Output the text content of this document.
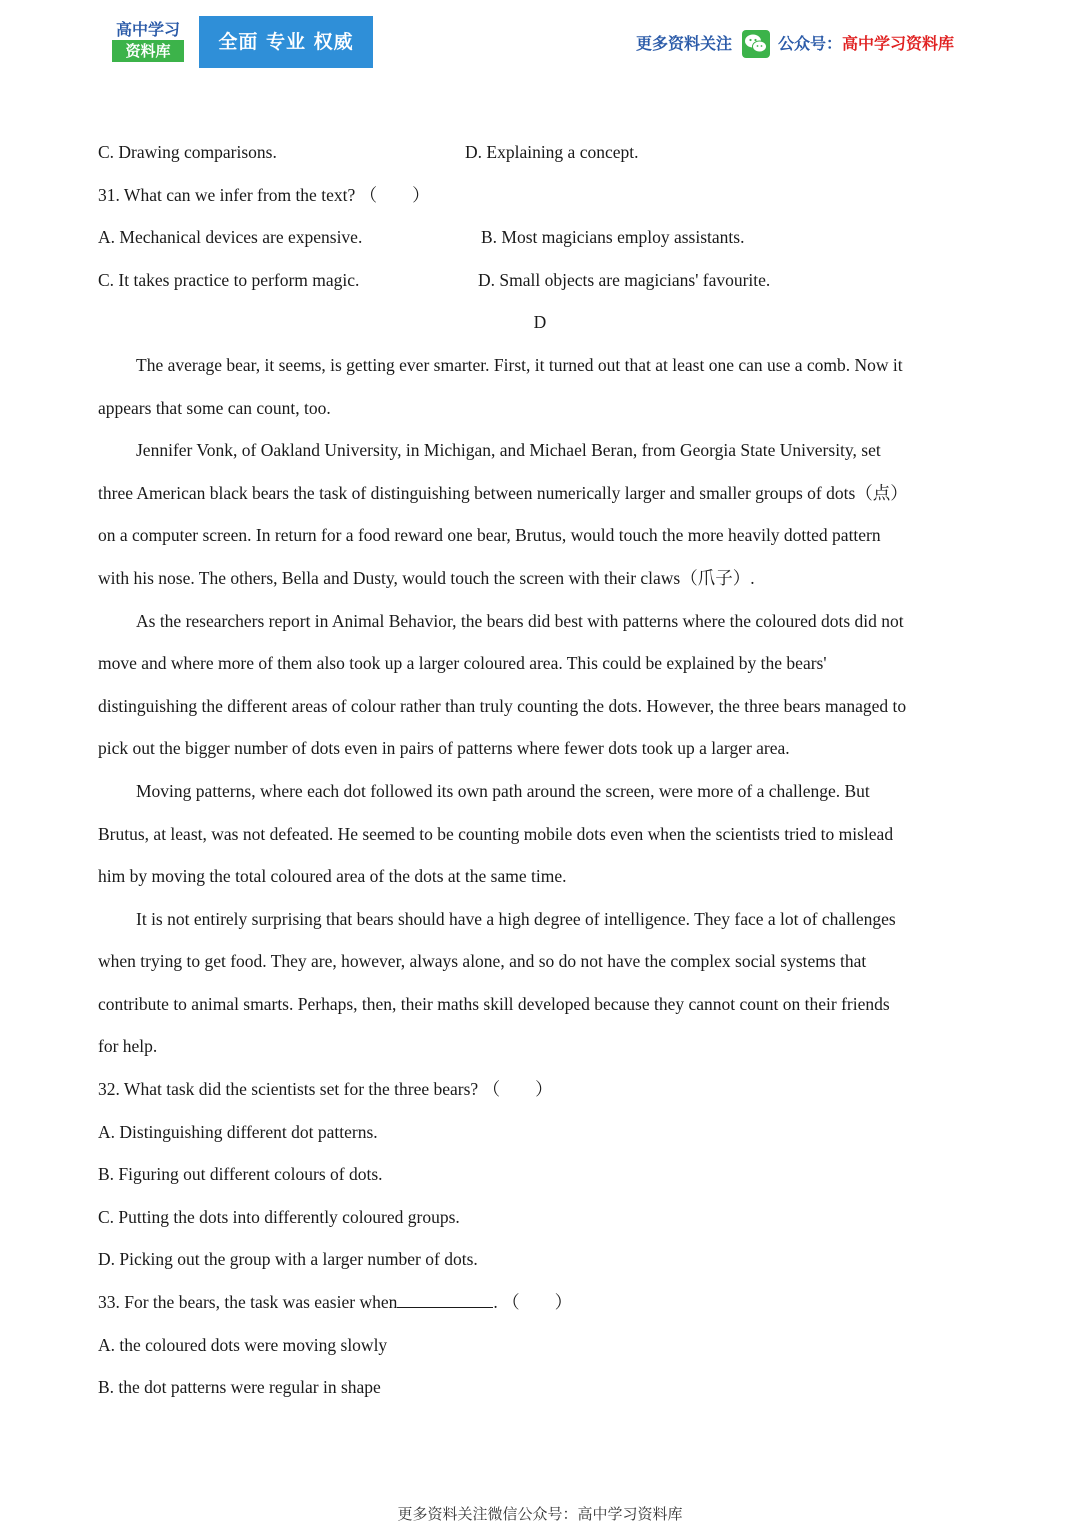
高中学习
资料库	全面 专业 权威	更多资料关注	公众号： 高中学习资料库
C. Drawing comparisons.	D. Explaining a concept.
31. What can we infer from the text? （　　）
A. Mechanical devices are expensive.	B. Most magicians employ assistants.
C. It takes practice to perform magic.	D. Small objects are magicians' favourite.
D
The average bear, it seems, is getting ever smarter. First, it turned out that at least one can use a comb. Now it
appears that some can count, too.
Jennifer Vonk, of Oakland University, in Michigan, and Michael Beran, from Georgia State University, set
three American black bears the task of distinguishing between numerically larger and smaller groups of dots（点）
on a computer screen. In return for a food reward one bear, Brutus, would touch the more heavily dotted pattern
with his nose. The others, Bella and Dusty, would touch the screen with their claws（爪子）.
As the researchers report in Animal Behavior, the bears did best with patterns where the coloured dots did not
move and where more of them also took up a larger coloured area. This could be explained by the bears'
distinguishing the different areas of colour rather than truly counting the dots. However, the three bears managed to
pick out the bigger number of dots even in pairs of patterns where fewer dots took up a larger area.
Moving patterns, where each dot followed its own path around the screen, were more of a challenge. But
Brutus, at least, was not defeated. He seemed to be counting mobile dots even when the scientists tried to mislead
him by moving the total coloured area of the dots at the same time.
It is not entirely surprising that bears should have a high degree of intelligence. They face a lot of challenges
when trying to get food. They are, however, always alone, and so do not have the complex social systems that
contribute to animal smarts. Perhaps, then, their maths skill developed because they cannot count on their friends
for help.
32. What task did the scientists set for the three bears? （　　）
A. Distinguishing different dot patterns.
B. Figuring out different colours of dots.
C. Putting the dots into differently coloured groups.
D. Picking out the group with a larger number of dots.
33. For the bears, the task was easier when	. （　　）
A. the coloured dots were moving slowly
B. the dot patterns were regular in shape
更多资料关注微信公众号：高中学习资料库
